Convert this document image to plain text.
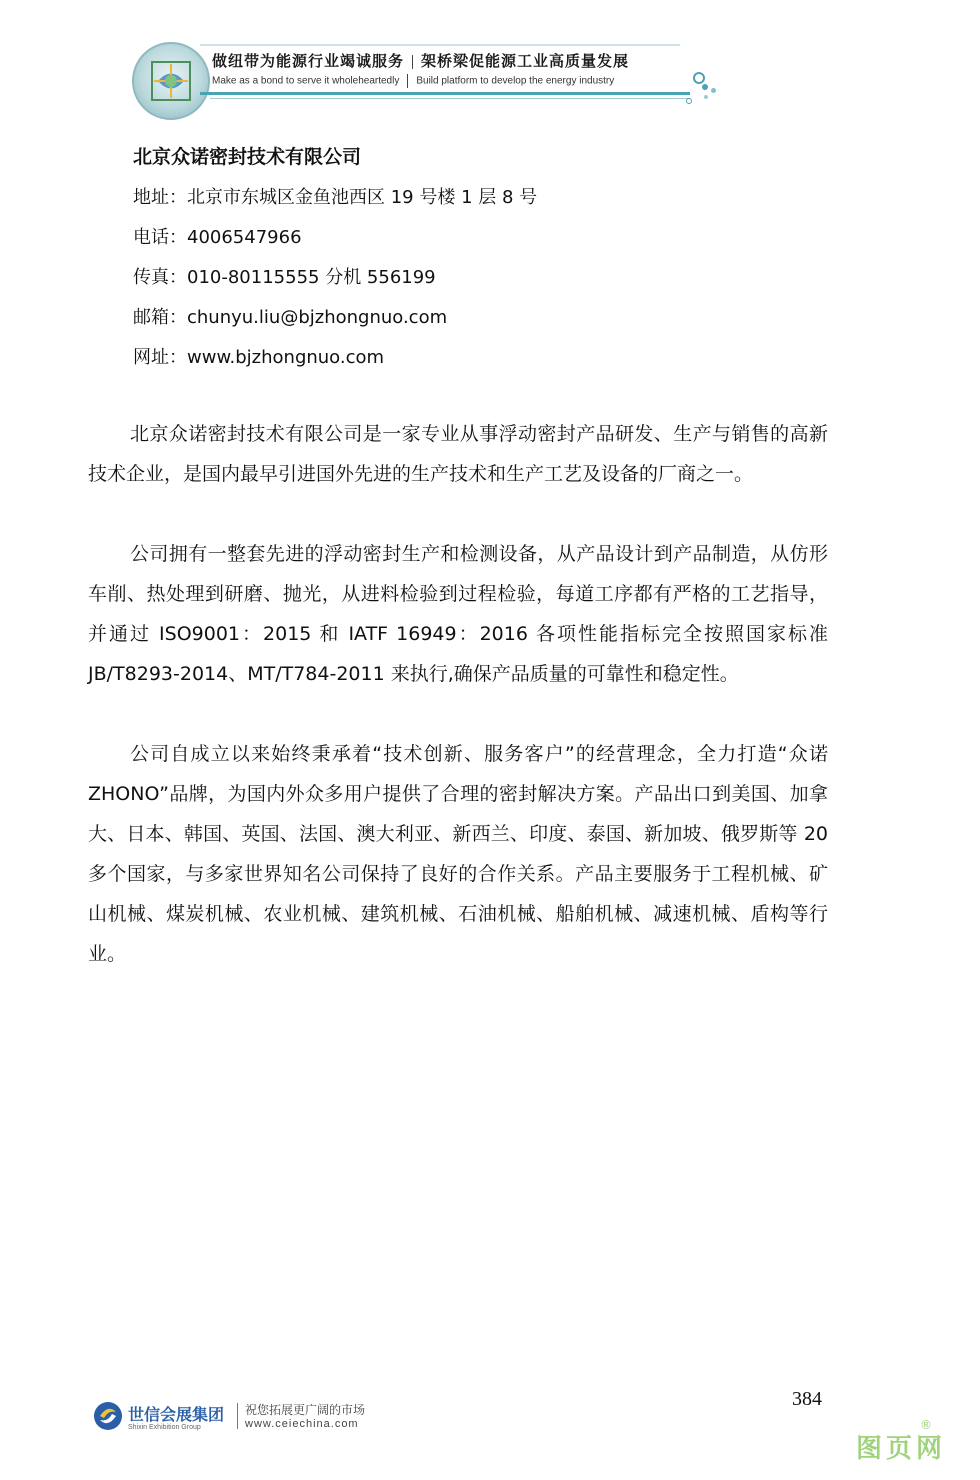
做纽带为能源行业竭诚服务 架桥梁促能源工业高质量发展
Make as a bond to serve it wholeheartedly Build platform to develop the energy industry
北京众诺密封技术有限公司
地址：北京市东城区金鱼池西区 19 号楼 1 层 8 号
电话：4006547966
传真：010-80115555 分机 556199
邮箱：chunyu.liu@bjzhongnuo.com
网址：www.bjzhongnuo.com

北京众诺密封技术有限公司是一家专业从事浮动密封产品研发、生产与销售的高新技术企业，是国内最早引进国外先进的生产技术和生产工艺及设备的厂商之一。

公司拥有一整套先进的浮动密封生产和检测设备，从产品设计到产品制造，从仿形车削、热处理到研磨、抛光，从进料检验到过程检验，每道工序都有严格的工艺指导，并通过 ISO9001：2015 和 IATF 16949：2016 各项性能指标完全按照国家标准 JB/T8293-2014、MT/T784-2011 来执行,确保产品质量的可靠性和稳定性。

公司自成立以来始终秉承着“技术创新、服务客户”的经营理念，全力打造“众诺 ZHONO”品牌，为国内外众多用户提供了合理的密封解决方案。产品出口到美国、加拿大、日本、韩国、英国、法国、澳大利亚、新西兰、印度、泰国、新加坡、俄罗斯等 20 多个国家，与多家世界知名公司保持了良好的合作关系。产品主要服务于工程机械、矿山机械、煤炭机械、农业机械、建筑机械、石油机械、船舶机械、减速机械、盾构等行业。

384
世信会展集团
Shixin Exhibition Group
祝您拓展更广阔的市场
www.ceiechina.com	®
图页网
